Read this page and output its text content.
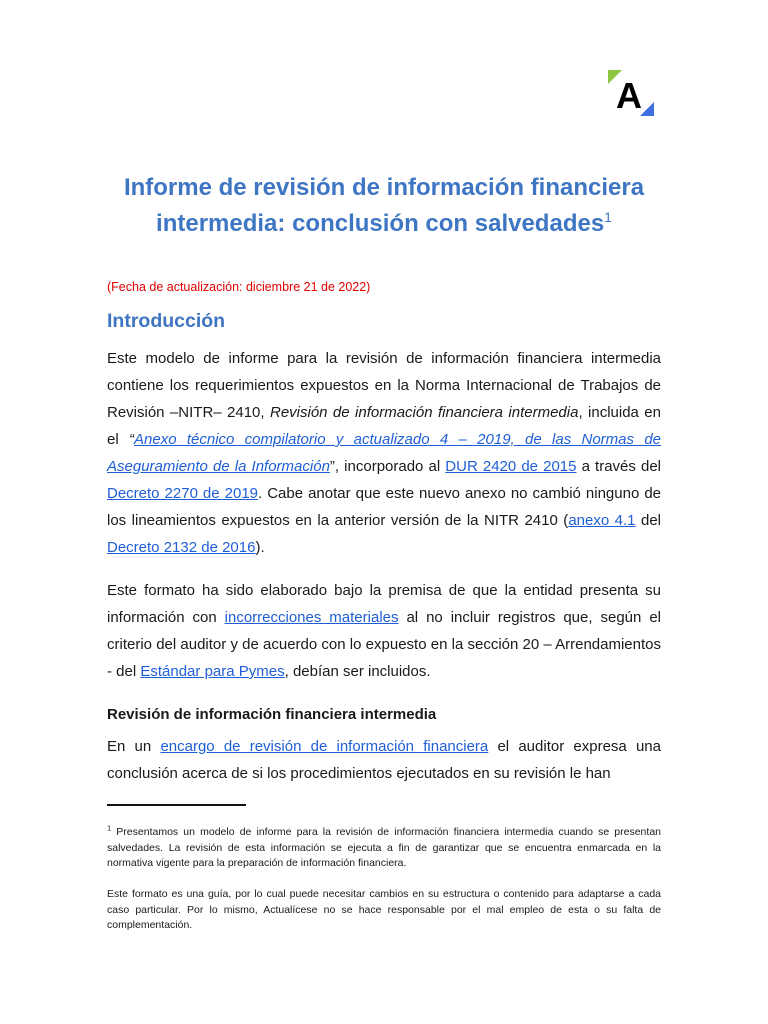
A
Informe de revisión de información financiera
intermedia: conclusión con salvedades$^1$
(Fecha de actualización: diciembre 21 de 2022)
Introducción
Este modelo de informe para la revisión de información financiera intermedia contiene los requerimientos expuestos en la Norma Internacional de Trabajos de Revisión –NITR– 2410, Revisión de información financiera intermedia, incluida en el “Anexo técnico compilatorio y actualizado 4 – 2019, de las Normas de Aseguramiento de la Información”, incorporado al DUR 2420 de 2015 a través del Decreto 2270 de 2019. Cabe anotar que este nuevo anexo no cambió ninguno de los lineamientos expuestos en la anterior versión de la NITR 2410 (anexo 4.1 del Decreto 2132 de 2016).
Este formato ha sido elaborado bajo la premisa de que la entidad presenta su información con incorrecciones materiales al no incluir registros que, según el criterio del auditor y de acuerdo con lo expuesto en la sección 20 – Arrendamientos - del Estándar para Pymes, debían ser incluidos.
Revisión de información financiera intermedia
En un encargo de revisión de información financiera el auditor expresa una conclusión acerca de si los procedimientos ejecutados en su revisión le han
$^1$ Presentamos un modelo de informe para la revisión de información financiera intermedia cuando se presentan salvedades. La revisión de esta información se ejecuta a fin de garantizar que se encuentra enmarcada en la normativa vigente para la preparación de información financiera.
Este formato es una guía, por lo cual puede necesitar cambios en su estructura o contenido para adaptarse a cada caso particular. Por lo mismo, Actualícese no se hace responsable por el mal empleo de esta o su falta de complementación.
